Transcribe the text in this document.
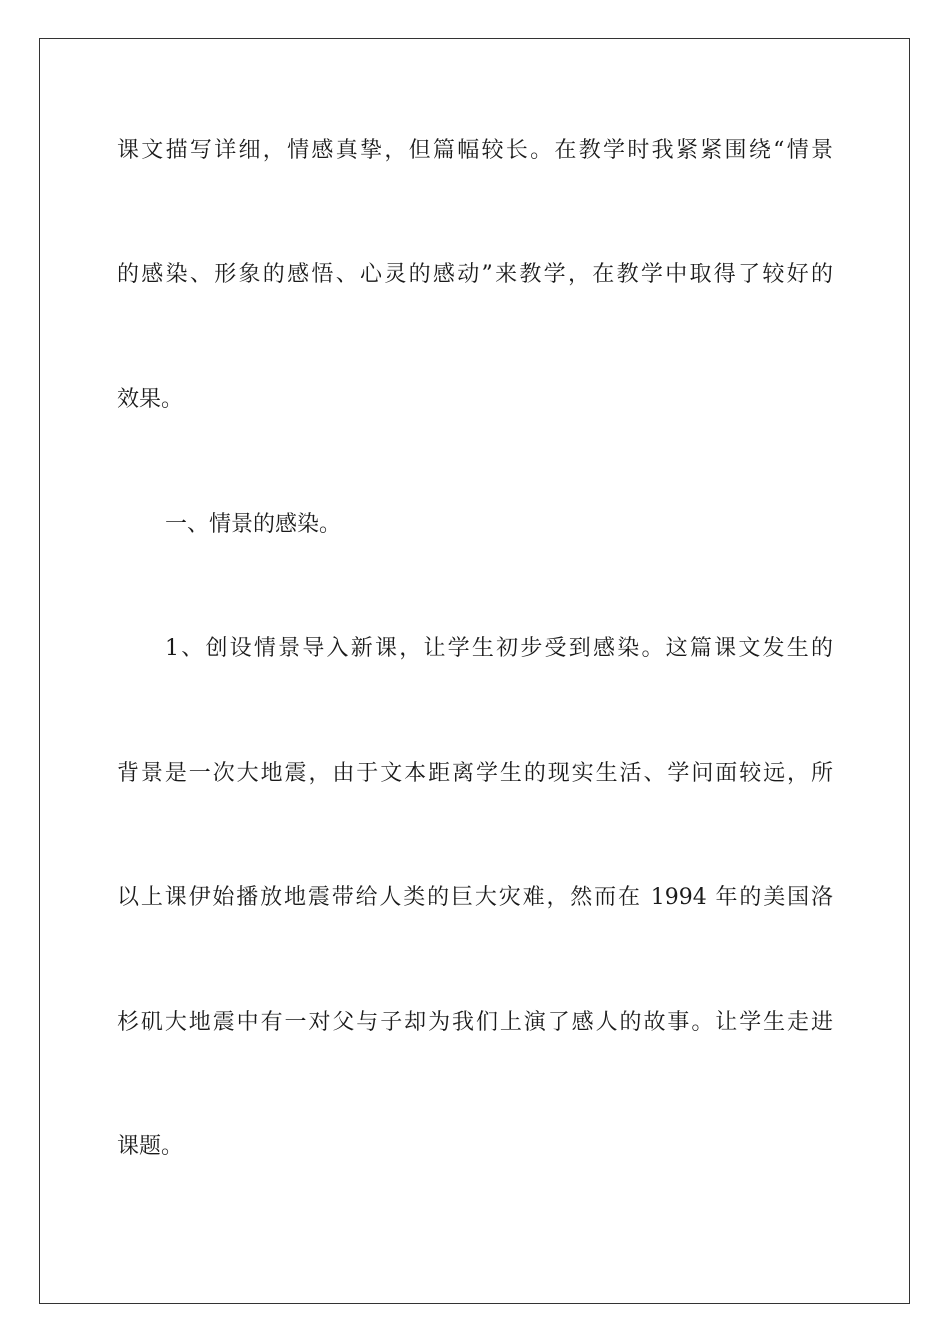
课文描写详细，情感真挚，但篇幅较长。在教学时我紧紧围绕“情景
的感染、形象的感悟、心灵的感动”来教学，在教学中取得了较好的
效果。
一、情景的感染。
1、创设情景导入新课，让学生初步受到感染。这篇课文发生的
背景是一次大地震，由于文本距离学生的现实生活、学问面较远，所
以上课伊始播放地震带给人类的巨大灾难，然而在 1994 年的美国洛
杉矶大地震中有一对父与子却为我们上演了感人的故事。让学生走进
课题。
